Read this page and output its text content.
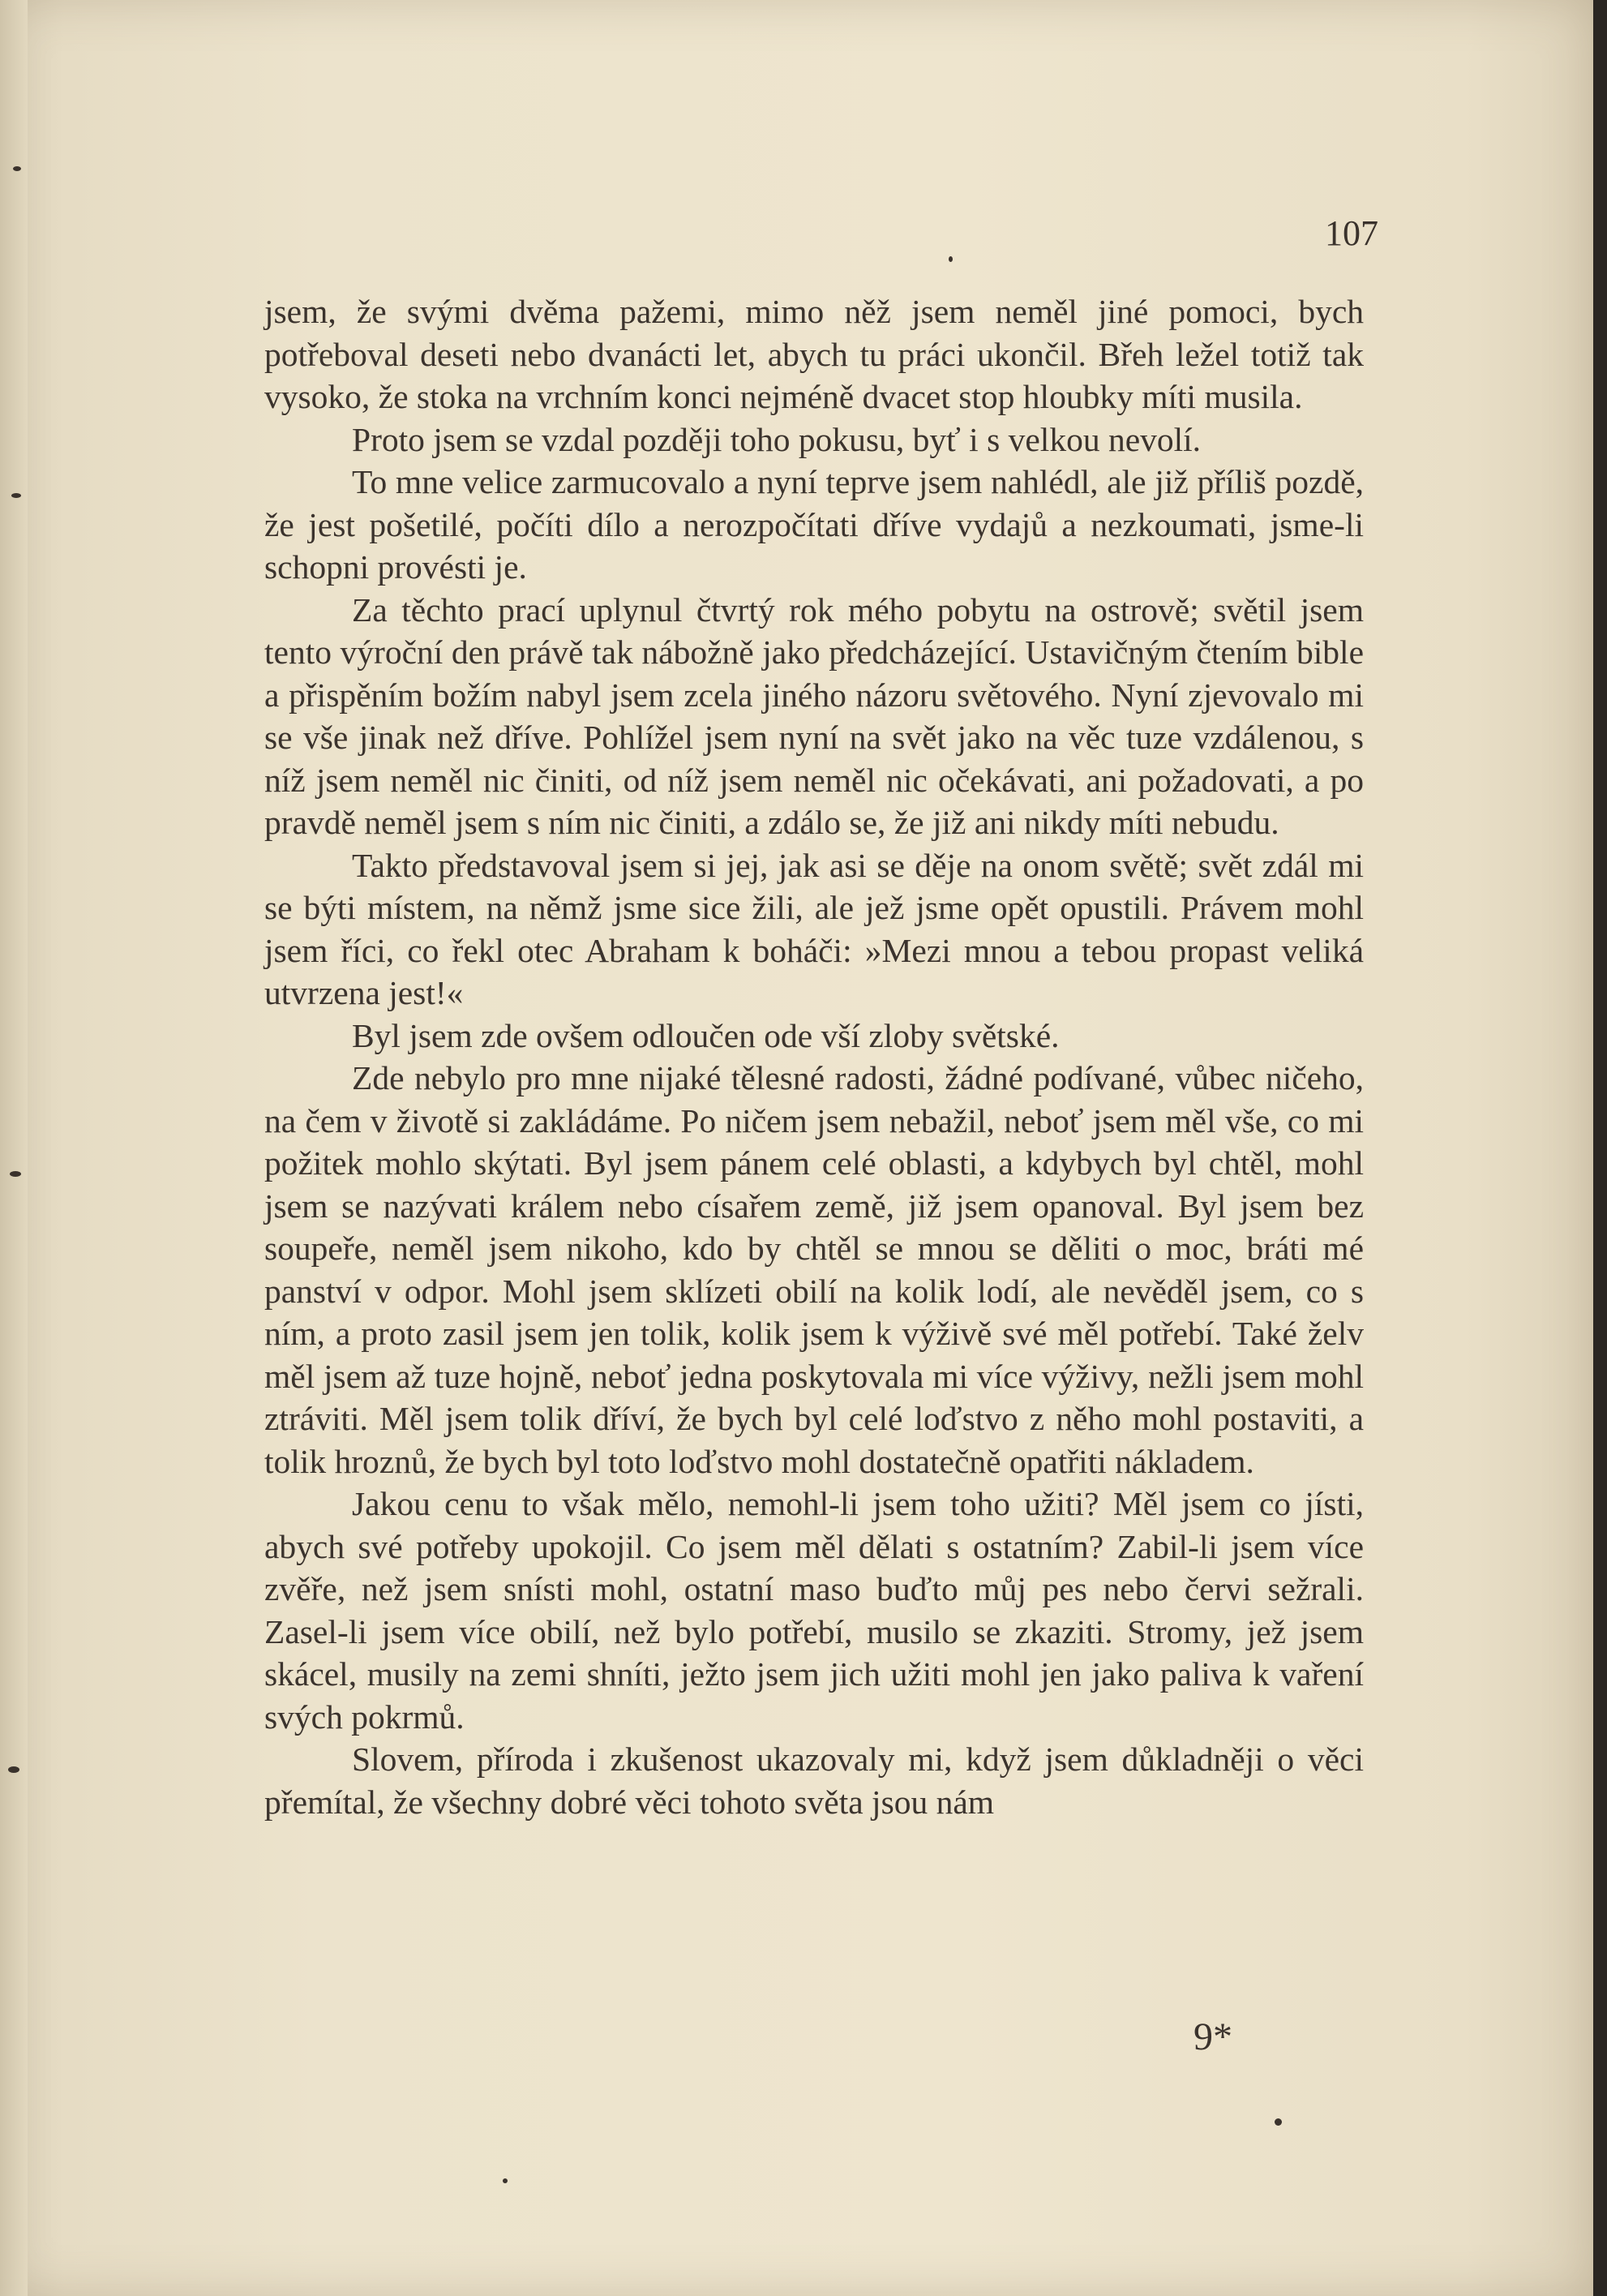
107

jsem, že svými dvěma pažemi, mimo něž jsem neměl jiné pomoci, bych potřeboval deseti nebo dvanácti let, abych tu práci ukončil. Břeh ležel totiž tak vysoko, že stoka na vrchním konci nejméně dvacet stop hloubky míti musila.

Proto jsem se vzdal později toho pokusu, byť i s velkou nevolí.

To mne velice zarmucovalo a nyní teprve jsem nahlédl, ale již příliš pozdě, že jest pošetilé, počíti dílo a nerozpočítati dříve vydajů a nezkoumati, jsme-li schopni provésti je.

Za těchto prací uplynul čtvrtý rok mého pobytu na ostrově; světil jsem tento výroční den právě tak nábožně jako předcházející. Ustavičným čtením bible a přispěním božím nabyl jsem zcela jiného názoru světového. Nyní zjevovalo mi se vše jinak než dříve. Pohlížel jsem nyní na svět jako na věc tuze vzdálenou, s níž jsem neměl nic činiti, od níž jsem neměl nic očekávati, ani požadovati, a po pravdě neměl jsem s ním nic činiti, a zdálo se, že již ani nikdy míti nebudu.

Takto představoval jsem si jej, jak asi se děje na onom světě; svět zdál mi se býti místem, na němž jsme sice žili, ale jež jsme opět opustili. Právem mohl jsem říci, co řekl otec Abraham k boháči: »Mezi mnou a tebou propast veliká utvrzena jest!«

Byl jsem zde ovšem odloučen ode vší zloby světské.

Zde nebylo pro mne nijaké tělesné radosti, žádné podívané, vůbec ničeho, na čem v životě si zakládáme. Po ničem jsem nebažil, neboť jsem měl vše, co mi požitek mohlo skýtati. Byl jsem pánem celé oblasti, a kdybych byl chtěl, mohl jsem se nazývati králem nebo císařem země, již jsem opanoval. Byl jsem bez soupeře, neměl jsem nikoho, kdo by chtěl se mnou se děliti o moc, bráti mé panství v odpor. Mohl jsem sklízeti obilí na kolik lodí, ale nevěděl jsem, co s ním, a proto zasil jsem jen tolik, kolik jsem k výživě své měl potřebí. Také želv měl jsem až tuze hojně, neboť jedna poskytovala mi více výživy, nežli jsem mohl ztráviti. Měl jsem tolik dříví, že bych byl celé loďstvo z něho mohl postaviti, a tolik hroznů, že bych byl toto loďstvo mohl dostatečně opatřiti nákladem.

Jakou cenu to však mělo, nemohl-li jsem toho užiti? Měl jsem co jísti, abych své potřeby upokojil. Co jsem měl dělati s ostatním? Zabil-li jsem více zvěře, než jsem snísti mohl, ostatní maso buďto můj pes nebo červi sežrali. Zasel-li jsem více obilí, než bylo potřebí, musilo se zkaziti. Stromy, jež jsem skácel, musily na zemi shníti, ježto jsem jich užiti mohl jen jako paliva k vaření svých pokrmů.

Slovem, příroda i zkušenost ukazovaly mi, když jsem důkladněji o věci přemítal, že všechny dobré věci tohoto světa jsou nám

9*
